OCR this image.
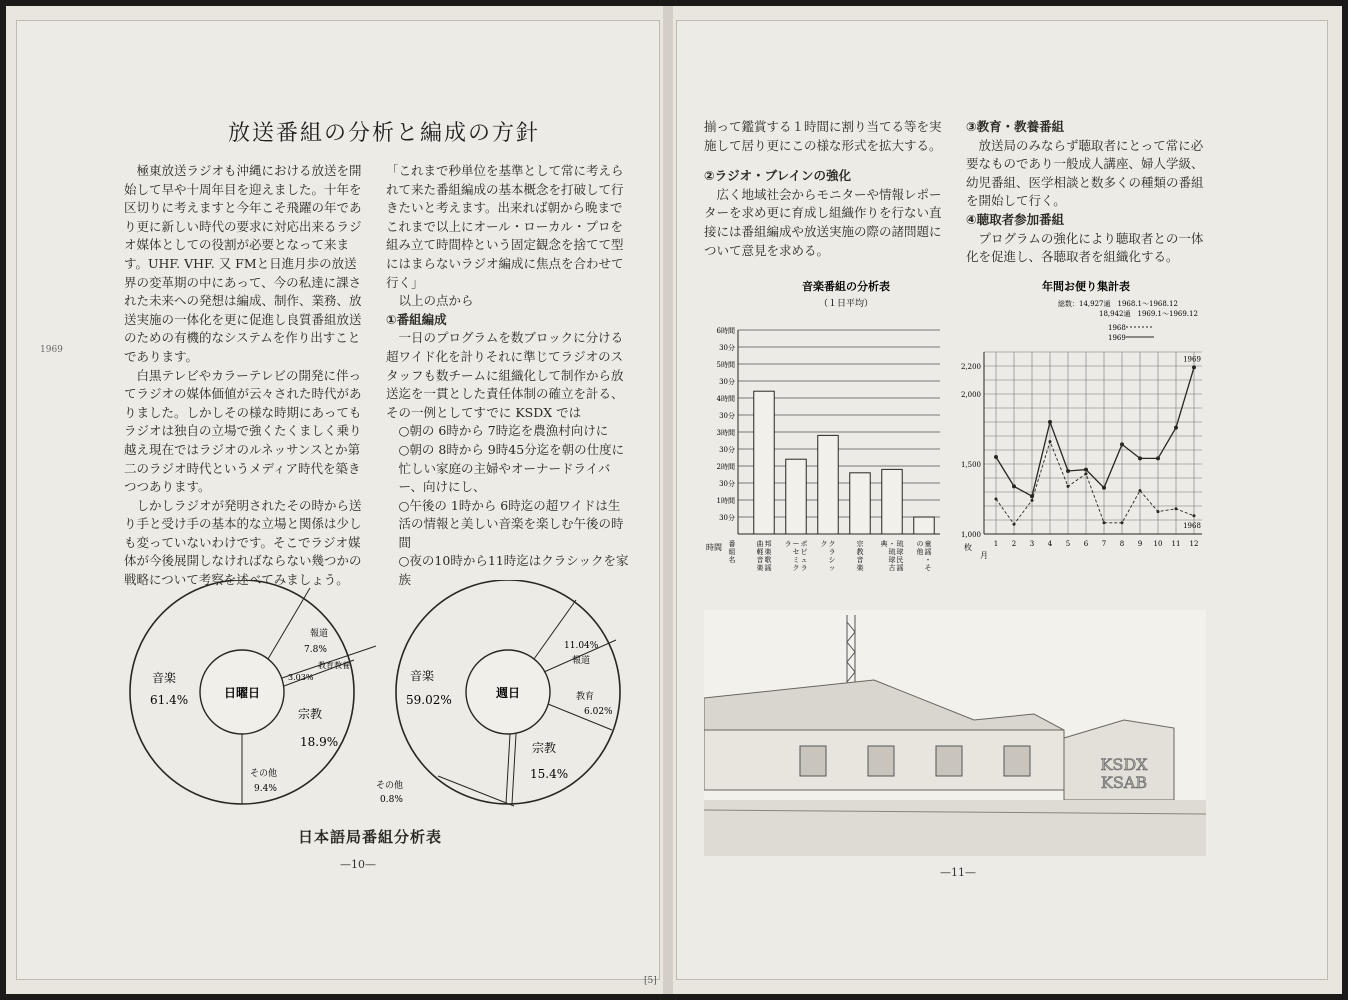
1969
放送番組の分析と編成の方針

極東放送ラジオも沖縄における放送を開始して早や十周年目を迎えました。十年を区切りに考えますと今年こそ飛躍の年であり更に新しい時代の要求に対応出来るラジオ媒体としての役割が必要となって来ます。UHF. VHF. 又 FMと日進月歩の放送界の変革期の中にあって、今の私達に課された未来への発想は編成、制作、業務、放送実施の一体化を更に促進し良質番組放送のための有機的なシステムを作り出すことであります。

白黒テレビやカラーテレビの開発に伴ってラジオの媒体価値が云々された時代がありました。しかしその様な時期にあってもラジオは独自の立場で強くたくましく乗り越え現在ではラジオのルネッサンスとか第二のラジオ時代というメディア時代を築きつつあります。

しかしラジオが発明されたその時から送り手と受け手の基本的な立場と関係は少しも変っていないわけです。そこでラジオ媒体が今後展開しなければならない幾つかの戦略について考察を述べてみましょう。

「これまで秒単位を基準として常に考えられて来た番組編成の基本概念を打破して行きたいと考えます。出来れば朝から晩までこれまで以上にオール・ローカル・プロを組み立て時間枠という固定観念を捨てて型にはまらないラジオ編成に焦点を合わせて行く」

以上の点から

①番組編成

一日のプログラムを数ブロックに分ける超ワイド化を計りそれに準じてラジオのスタッフも数チームに組織化して制作から放送迄を一貫とした責任体制の確立を計る、その一例としてすでに KSDX では

○朝の 6時から 7時迄を農漁村向けに

○朝の 8時から 9時45分迄を朝の仕度に忙しい家庭の主婦やオーナードライバー、向けにし、

○午後の 1時から 6時迄の超ワイドは生活の情報と美しい音楽を楽しむ午後の時間

○夜の10時から11時迄はクラシックを家族

日曜日
音楽
61.4%
報道
7.8%
3.03%
教育教養
宗教
18.9%
その他
9.4%
週日
音楽
59.02%
11.04%
報道
教育
6.02%
宗教
15.4%
その他
0.8%
日本語局番組分析表
—10—

揃って鑑賞する１時間に割り当てる等を実施して居り更にこの様な形式を拡大する。

②ラジオ・ブレインの強化

広く地域社会からモニターや情報レポーターを求め更に育成し組織作りを行ない直接には番組編成や放送実施の際の諸問題について意見を求める。

③教育・教養番組

放送局のみならず聴取者にとって常に必要なものであり一般成人講座、婦人学級、幼児番組、医学相談と数多くの種類の番組を開始して行く。

④聴取者参加番組

プログラムの強化により聴取者との一体化を促進し、各聴取者を組織化する。

音楽番組の分析表
（１日平均）
30分
1時間
30分
2時間
30分
3時間
30分
4時間
30分
5時間
30分
6時間
番組名
邦楽歌謡
曲軽音楽
ポピュラ
ーセミク
ラ	クラシッ
ク	宗教音楽
琉球民謡
・琉球古
典	童謡・そ
の他
時間
年間お便り集計表
総数：14,927通　1968.1～1968.12
18,942通　1969.1～1969.12
1968
1969
1,000
1,500
2,000
2,200
1 2 3 4 5 6 7 8 9 10 11 12
1969
1968
枚
月
KSDX
KSAB
—11—
[5]
